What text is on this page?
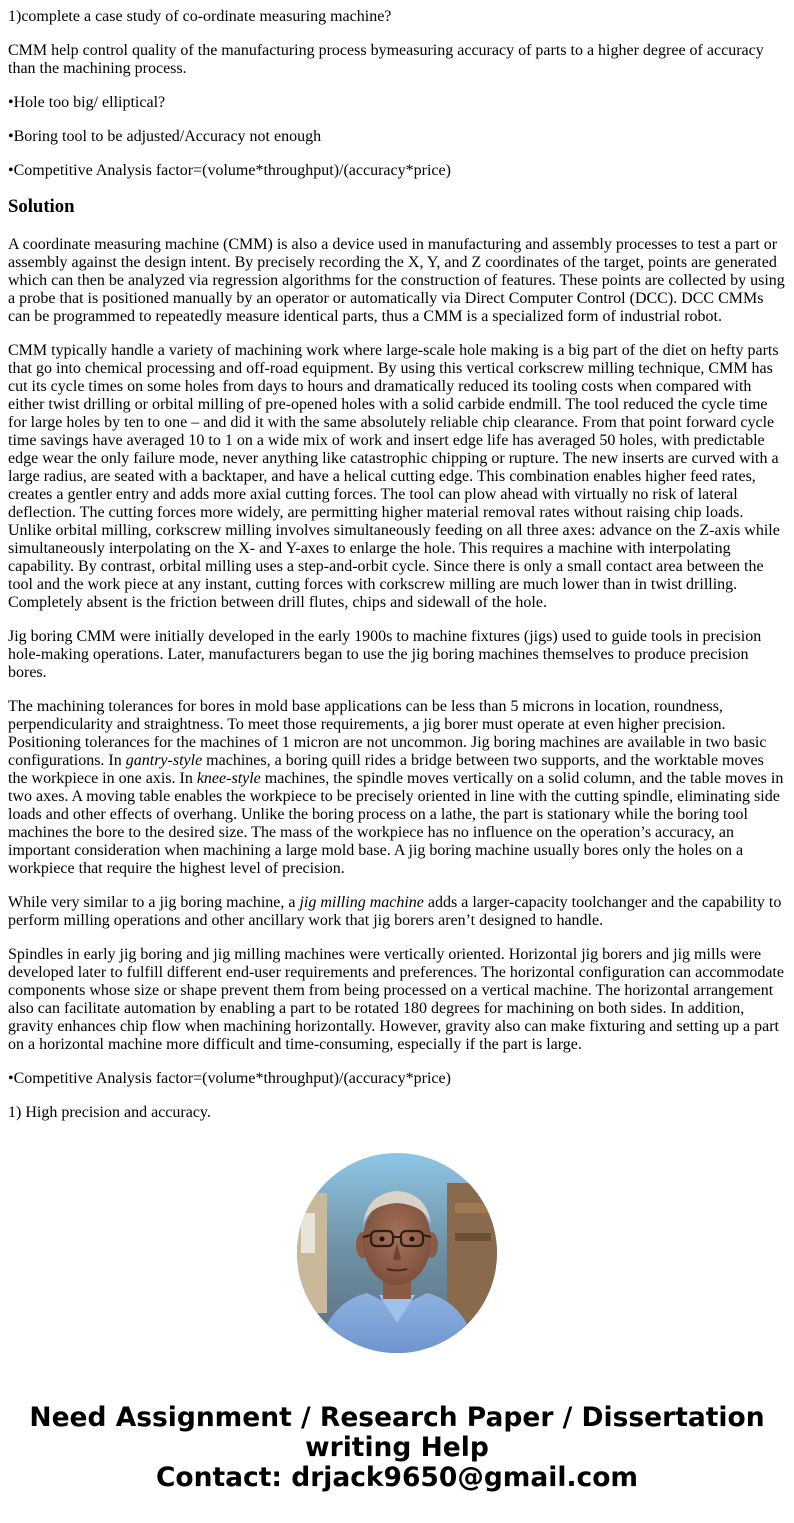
1)complete a case study of co-ordinate measuring machine?

CMM help control quality of the manufacturing process bymeasuring accuracy of parts to a higher degree of accuracy than the machining process.

•Hole too big/ elliptical?

•Boring tool to be adjusted/Accuracy not enough

•Competitive Analysis factor=(volume*throughput)/(accuracy*price)

Solution

A coordinate measuring machine (CMM) is also a device used in manufacturing and assembly processes to test a part or assembly against the design intent. By precisely recording the X, Y, and Z coordinates of the target, points are generated which can then be analyzed via regression algorithms for the construction of features. These points are collected by using a probe that is positioned manually by an operator or automatically via Direct Computer Control (DCC). DCC CMMs can be programmed to repeatedly measure identical parts, thus a CMM is a specialized form of industrial robot.

CMM typically handle a variety of machining work where large-scale hole making is a big part of the diet on hefty parts that go into chemical processing and off-road equipment. By using this vertical corkscrew milling technique, CMM has cut its cycle times on some holes from days to hours and dramatically reduced its tooling costs when compared with either twist drilling or orbital milling of pre-opened holes with a solid carbide endmill. The tool reduced the cycle time for large holes by ten to one – and did it with the same absolutely reliable chip clearance. From that point forward cycle time savings have averaged 10 to 1 on a wide mix of work and insert edge life has averaged 50 holes, with predictable edge wear the only failure mode, never anything like catastrophic chipping or rupture. The new inserts are curved with a large radius, are seated with a backtaper, and have a helical cutting edge. This combination enables higher feed rates, creates a gentler entry and adds more axial cutting forces. The tool can plow ahead with virtually no risk of lateral deflection. The cutting forces more widely, are permitting higher material removal rates without raising chip loads. Unlike orbital milling, corkscrew milling involves simultaneously feeding on all three axes: advance on the Z-axis while simultaneously interpolating on the X- and Y-axes to enlarge the hole. This requires a machine with interpolating capability. By contrast, orbital milling uses a step-and-orbit cycle. Since there is only a small contact area between the tool and the work piece at any instant, cutting forces with corkscrew milling are much lower than in twist drilling. Completely absent is the friction between drill flutes, chips and sidewall of the hole.

Jig boring CMM were initially developed in the early 1900s to machine fixtures (jigs) used to guide tools in precision hole-making operations. Later, manufacturers began to use the jig boring machines themselves to produce precision bores.

The machining tolerances for bores in mold base applications can be less than 5 microns in location, roundness, perpendicularity and straightness. To meet those requirements, a jig borer must operate at even higher precision. Positioning tolerances for the machines of 1 micron are not uncommon. Jig boring machines are available in two basic configurations. In gantry-style machines, a boring quill rides a bridge between two supports, and the worktable moves the workpiece in one axis. In knee-style machines, the spindle moves vertically on a solid column, and the table moves in two axes. A moving table enables the workpiece to be precisely oriented in line with the cutting spindle, eliminating side loads and other effects of overhang. Unlike the boring process on a lathe, the part is stationary while the boring tool machines the bore to the desired size. The mass of the workpiece has no influence on the operation’s accuracy, an important consideration when machining a large mold base. A jig boring machine usually bores only the holes on a workpiece that require the highest level of precision.

While very similar to a jig boring machine, a jig milling machine adds a larger-capacity toolchanger and the capability to perform milling operations and other ancillary work that jig borers aren’t designed to handle.

Spindles in early jig boring and jig milling machines were vertically oriented. Horizontal jig borers and jig mills were developed later to fulfill different end-user requirements and preferences. The horizontal configuration can accommodate components whose size or shape prevent them from being processed on a vertical machine. The horizontal arrangement also can facilitate automation by enabling a part to be rotated 180 degrees for machining on both sides. In addition, gravity enhances chip flow when machining horizontally. However, gravity also can make fixturing and setting up a part on a horizontal machine more difficult and time-consuming, especially if the part is large.

•Competitive Analysis factor=(volume*throughput)/(accuracy*price)

1) High precision and accuracy.

Need Assignment / Research Paper / Dissertation
writing Help
Contact: drjack9650@gmail.com
